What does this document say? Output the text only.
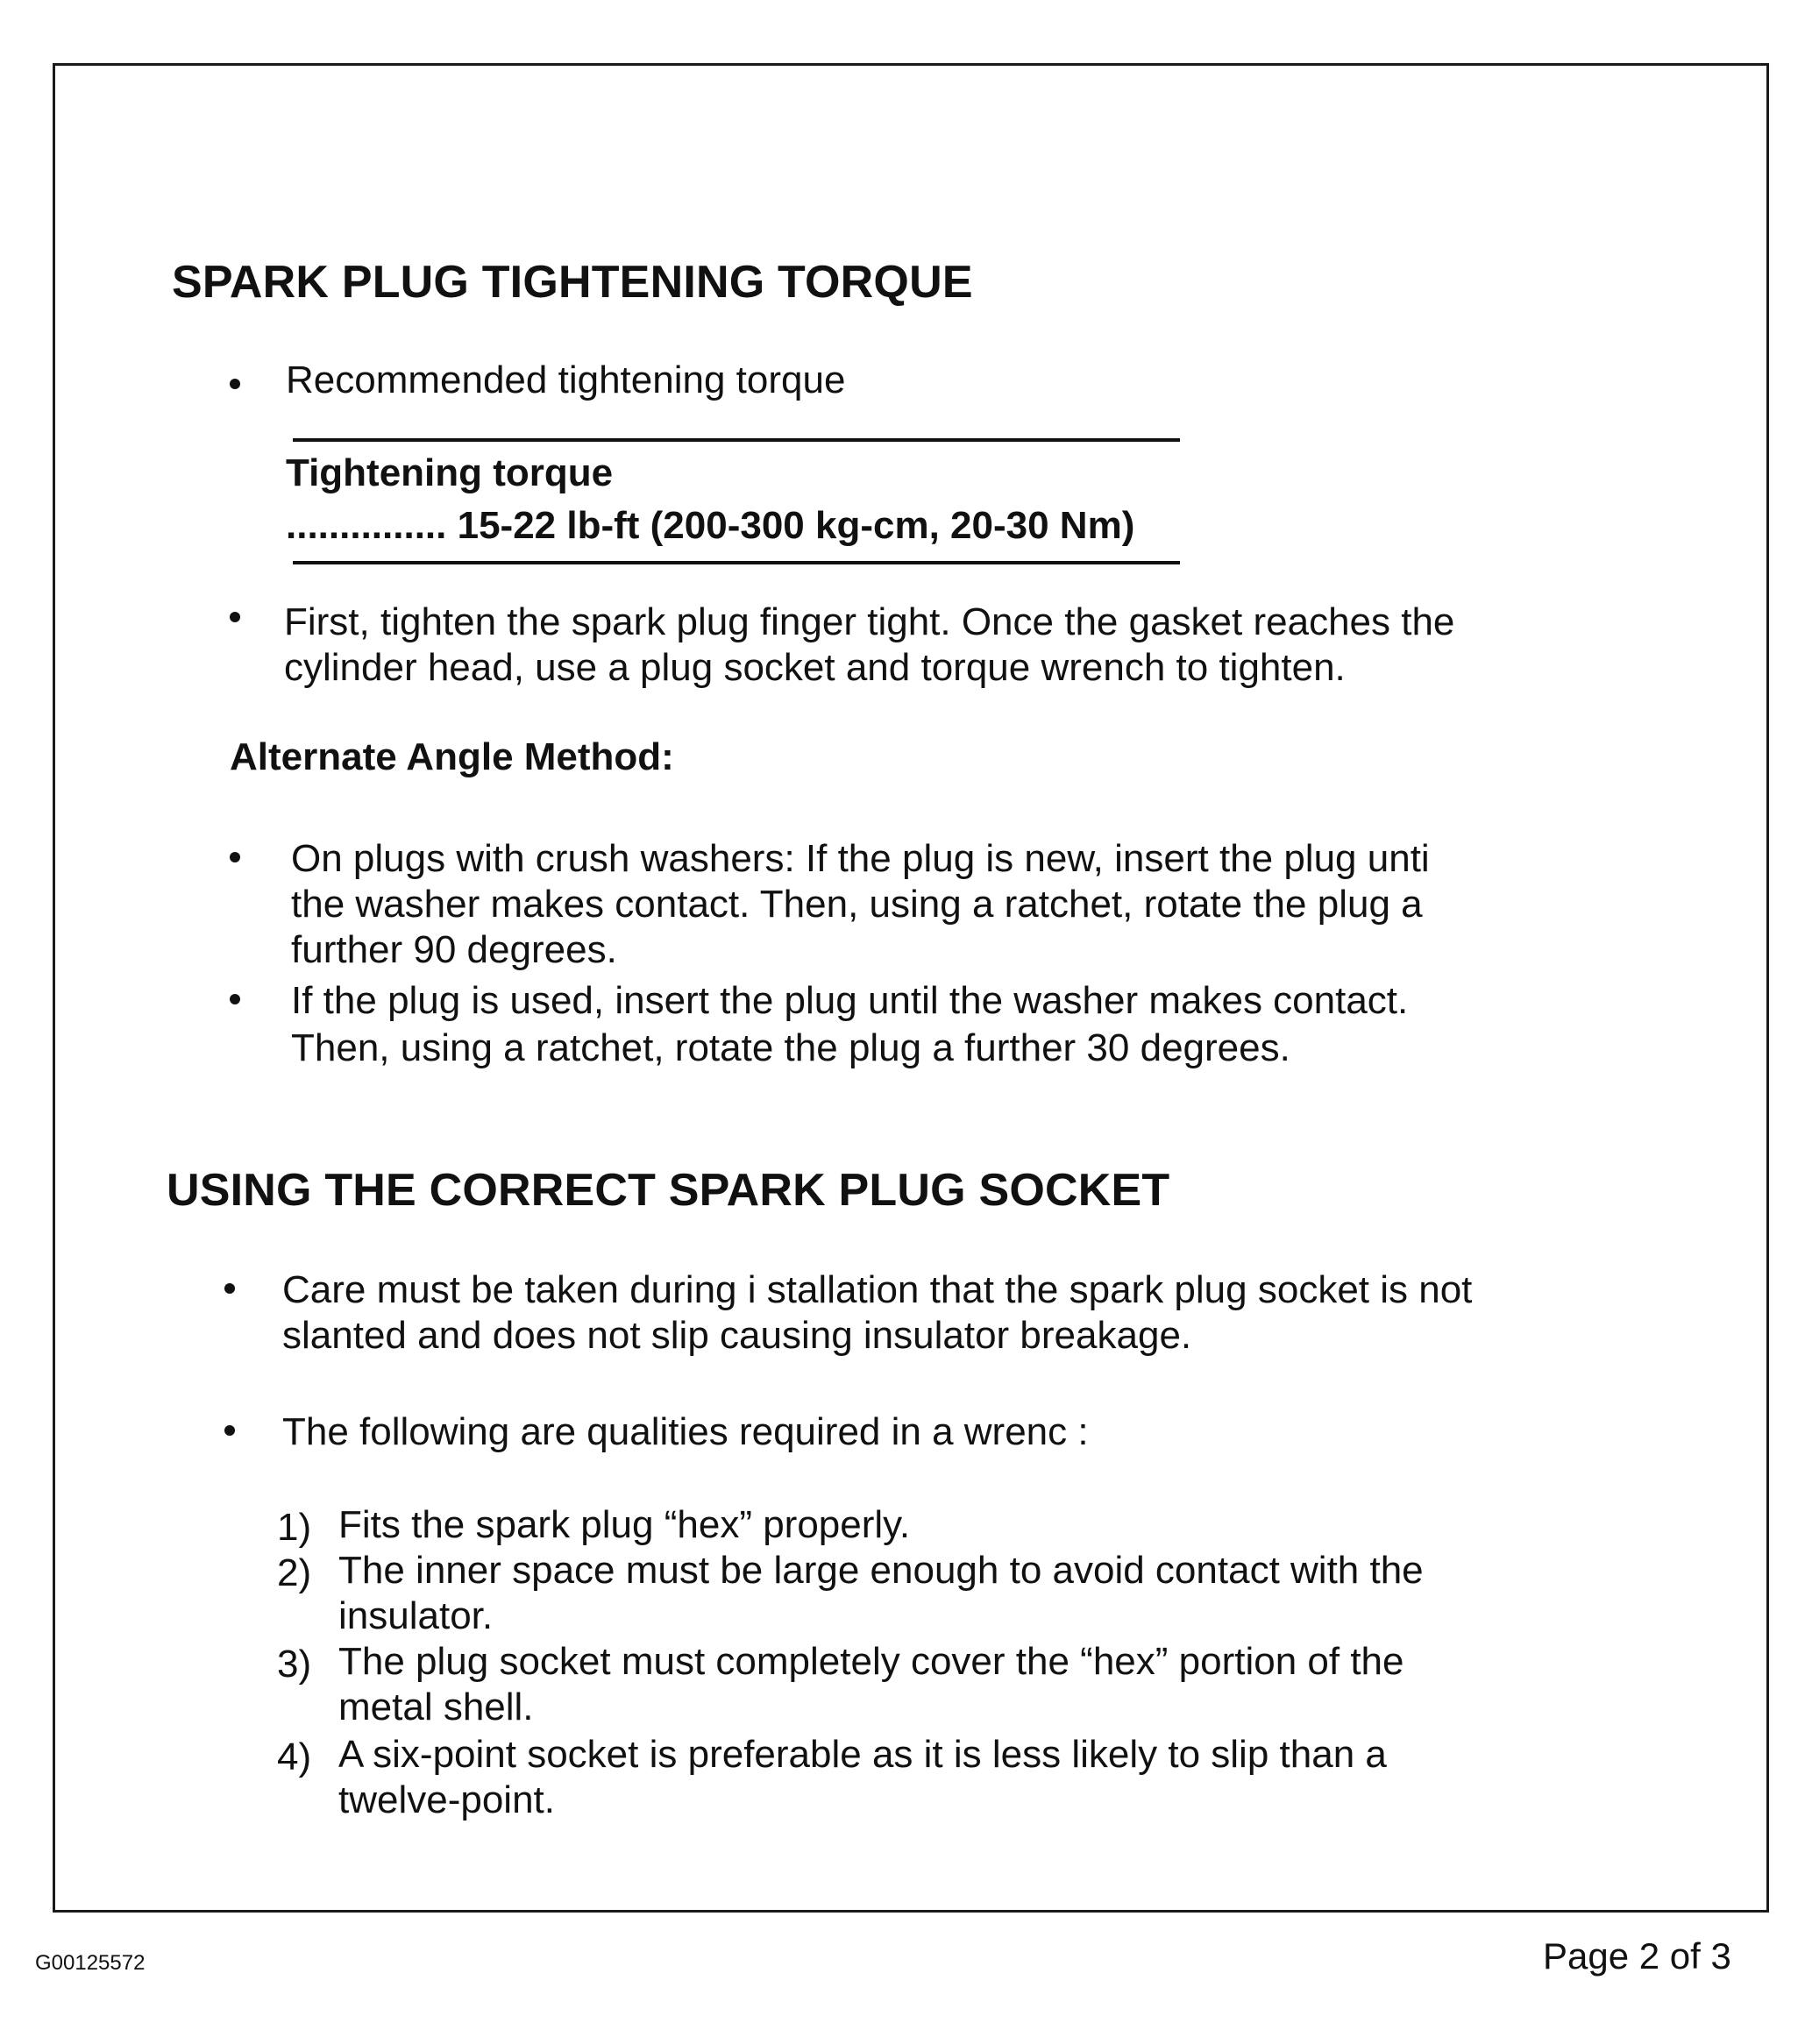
SPARK PLUG TIGHTENING TORQUE
Recommended tightening torque
Tightening torque
............... 15-22 lb-ft (200-300 kg-cm, 20-30 Nm)
First, tighten the spark plug finger tight. Once the gasket reaches the
cylinder head, use a plug socket and torque wrench to tighten.
Alternate Angle Method:
On plugs with crush washers: If the plug is new, insert the plug unti
the washer makes contact. Then, using a ratchet, rotate the plug a
further 90 degrees.
If the plug is used, insert the plug until the washer makes contact.
Then, using a ratchet, rotate the plug a further 30 degrees.
USING THE CORRECT SPARK PLUG SOCKET
Care must be taken during i stallation that the spark plug socket is not
slanted and does not slip causing insulator breakage.
The following are qualities required in a wrenc :
1) Fits the spark plug “hex” properly.
2) The inner space must be large enough to avoid contact with the
insulator.
3) The plug socket must completely cover the “hex” portion of the
metal shell.
4) A six-point socket is preferable as it is less likely to slip than a
twelve-point.
G00125572	Page 2 of 3
